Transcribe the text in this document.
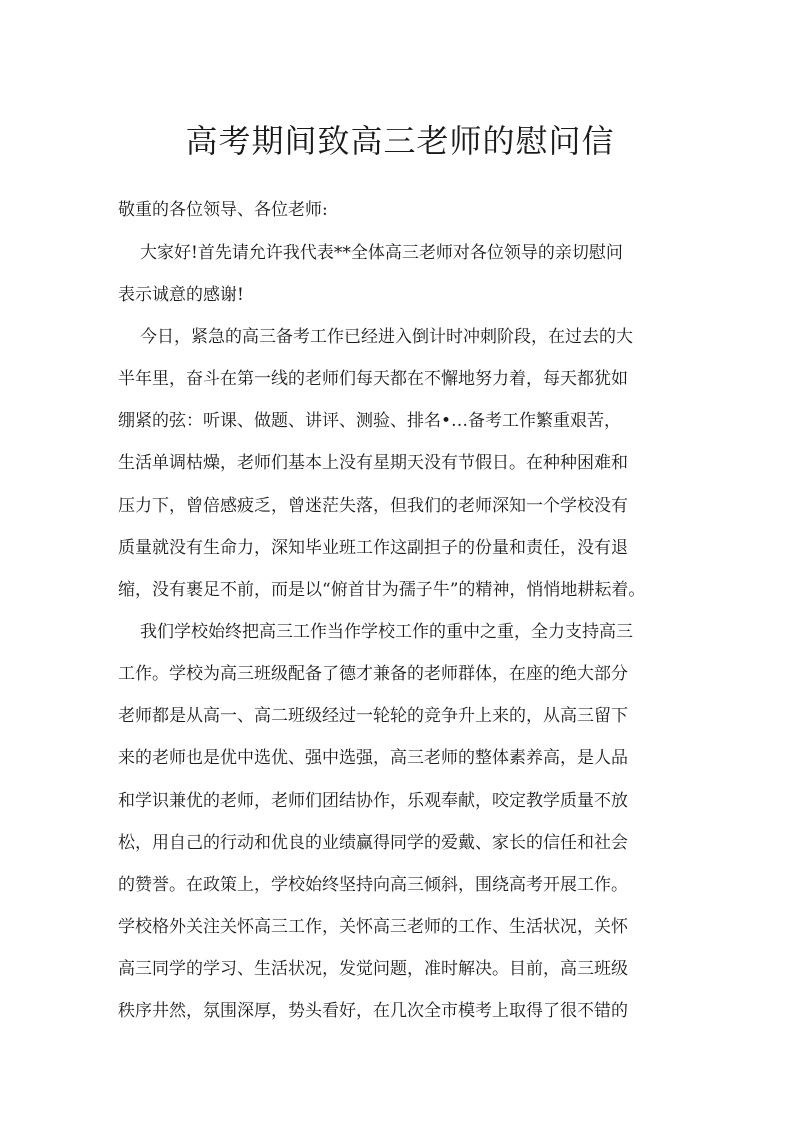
高考期间致高三老师的慰问信
敬重的各位领导、各位老师:
大家好!首先请允许我代表**全体高三老师对各位领导的亲切慰问
表示诚意的感谢!
今日，紧急的高三备考工作已经进入倒计时冲刺阶段，在过去的大
半年里，奋斗在第一线的老师们每天都在不懈地努力着，每天都犹如
绷紧的弦：听课、做题、讲评、测验、排名•…备考工作繁重艰苦，
生活单调枯燥，老师们基本上没有星期天没有节假日。在种种困难和
压力下，曾倍感疲乏，曾迷茫失落，但我们的老师深知一个学校没有
质量就没有生命力，深知毕业班工作这副担子的份量和责任，没有退
缩，没有裹足不前，而是以“俯首甘为孺子牛”的精神，悄悄地耕耘着。
我们学校始终把高三工作当作学校工作的重中之重，全力支持高三
工作。学校为高三班级配备了德才兼备的老师群体，在座的绝大部分
老师都是从高一、高二班级经过一轮轮的竞争升上来的，从高三留下
来的老师也是优中选优、强中选强，高三老师的整体素养高，是人品
和学识兼优的老师，老师们团结协作，乐观奉献，咬定教学质量不放
松，用自己的行动和优良的业绩赢得同学的爱戴、家长的信任和社会
的赞誉。在政策上，学校始终坚持向高三倾斜，围绕高考开展工作。
学校格外关注关怀高三工作，关怀高三老师的工作、生活状况，关怀
高三同学的学习、生活状况，发觉问题，准时解决。目前，高三班级
秩序井然，氛围深厚，势头看好，在几次全市模考上取得了很不错的
